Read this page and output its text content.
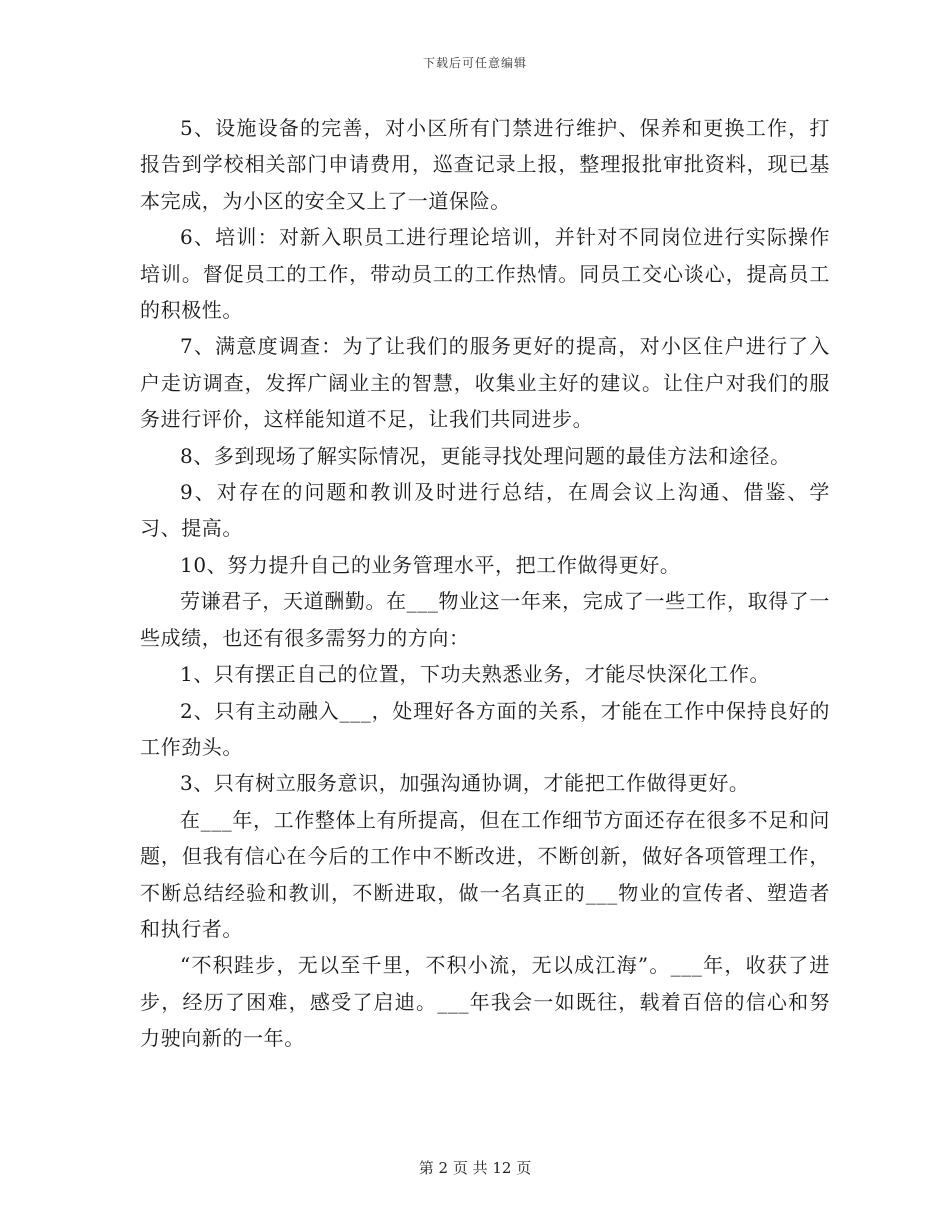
下载后可任意编辑

5、设施设备的完善，对小区所有门禁进行维护、保养和更换工作，打报告到学校相关部门申请费用，巡查记录上报，整理报批审批资料，现已基本完成，为小区的安全又上了一道保险。

6、培训：对新入职员工进行理论培训，并针对不同岗位进行实际操作培训。督促员工的工作，带动员工的工作热情。同员工交心谈心，提高员工的积极性。

7、满意度调查：为了让我们的服务更好的提高，对小区住户进行了入户走访调查，发挥广阔业主的智慧，收集业主好的建议。让住户对我们的服务进行评价，这样能知道不足，让我们共同进步。

8、多到现场了解实际情况，更能寻找处理问题的最佳方法和途径。

9、对存在的问题和教训及时进行总结，在周会议上沟通、借鉴、学习、提高。

10、努力提升自己的业务管理水平，把工作做得更好。

劳谦君子，天道酬勤。在___物业这一年来，完成了一些工作，取得了一些成绩，也还有很多需努力的方向：

1、只有摆正自己的位置，下功夫熟悉业务，才能尽快深化工作。

2、只有主动融入___，处理好各方面的关系，才能在工作中保持良好的工作劲头。

3、只有树立服务意识，加强沟通协调，才能把工作做得更好。

在___年，工作整体上有所提高，但在工作细节方面还存在很多不足和问题，但我有信心在今后的工作中不断改进，不断创新，做好各项管理工作，不断总结经验和教训，不断进取，做一名真正的___物业的宣传者、塑造者和执行者。

“不积跬步，无以至千里，不积小流，无以成江海”。___年，收获了进步，经历了困难，感受了启迪。___年我会一如既往，载着百倍的信心和努力驶向新的一年。

第 2 页 共 12 页
